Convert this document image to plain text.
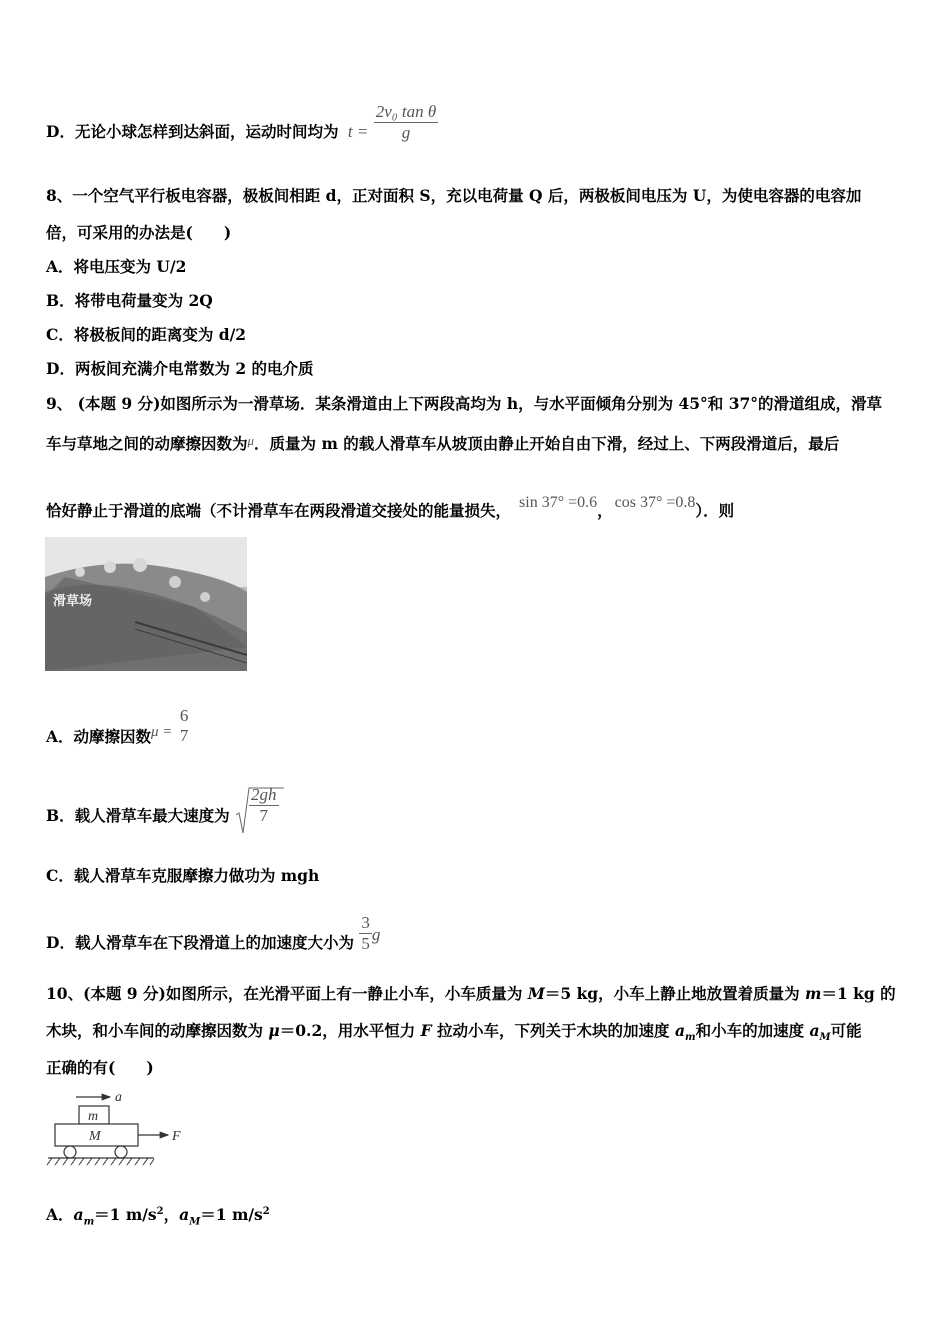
D．无论小球怎样到达斜面，运动时间均为 $t = \frac{\text{2v₀ tan θ}}{g}$
8、一个空气平行板电容器，极板间相距 d，正对面积 S，充以电荷量 Q 后，两极板间电压为 U，为使电容器的电容加
倍，可采用的办法是(　　)
A．将电压变为 U/2
B．将带电荷量变为 2Q
C．将极板间的距离变为 d/2
D．两板间充满介电常数为 2 的电介质
9、 (本题 9 分)如图所示为一滑草场．某条滑道由上下两段高均为 h，与水平面倾角分别为 45°和 37°的滑道组成，滑草
车与草地之间的动摩擦因数为$^\mu$．质量为 m 的载人滑草车从坡顶由静止开始自由下滑，经过上、下两段滑道后，最后
恰好静止于滑道的底端（不计滑草车在两段滑道交接处的能量损失， sin 37° =0.6， cos 37° =0.8）．则
滑草场
A．动摩擦因数μ =
6
7
B．载人滑草车最大速度为 $\frac{2gh}{7}$
C．载人滑草车克服摩擦力做功为 mgh
D．载人滑草车在下段滑道上的加速度大小为 $\frac{3}{5}$ g
10、(本题 9 分)如图所示，在光滑平面上有一静止小车，小车质量为 M＝5 kg，小车上静止地放置着质量为 m＝1 kg 的
木块，和小车间的动摩擦因数为 μ＝0.2，用水平恒力 F 拉动小车，下列关于木块的加速度 $a_m$和小车的加速度 $a_M$可能
正确的有(　　)
a
m
M	F
A．$a_m=1$ $m/s^2$，$a_M=1$ $m/s^2$
